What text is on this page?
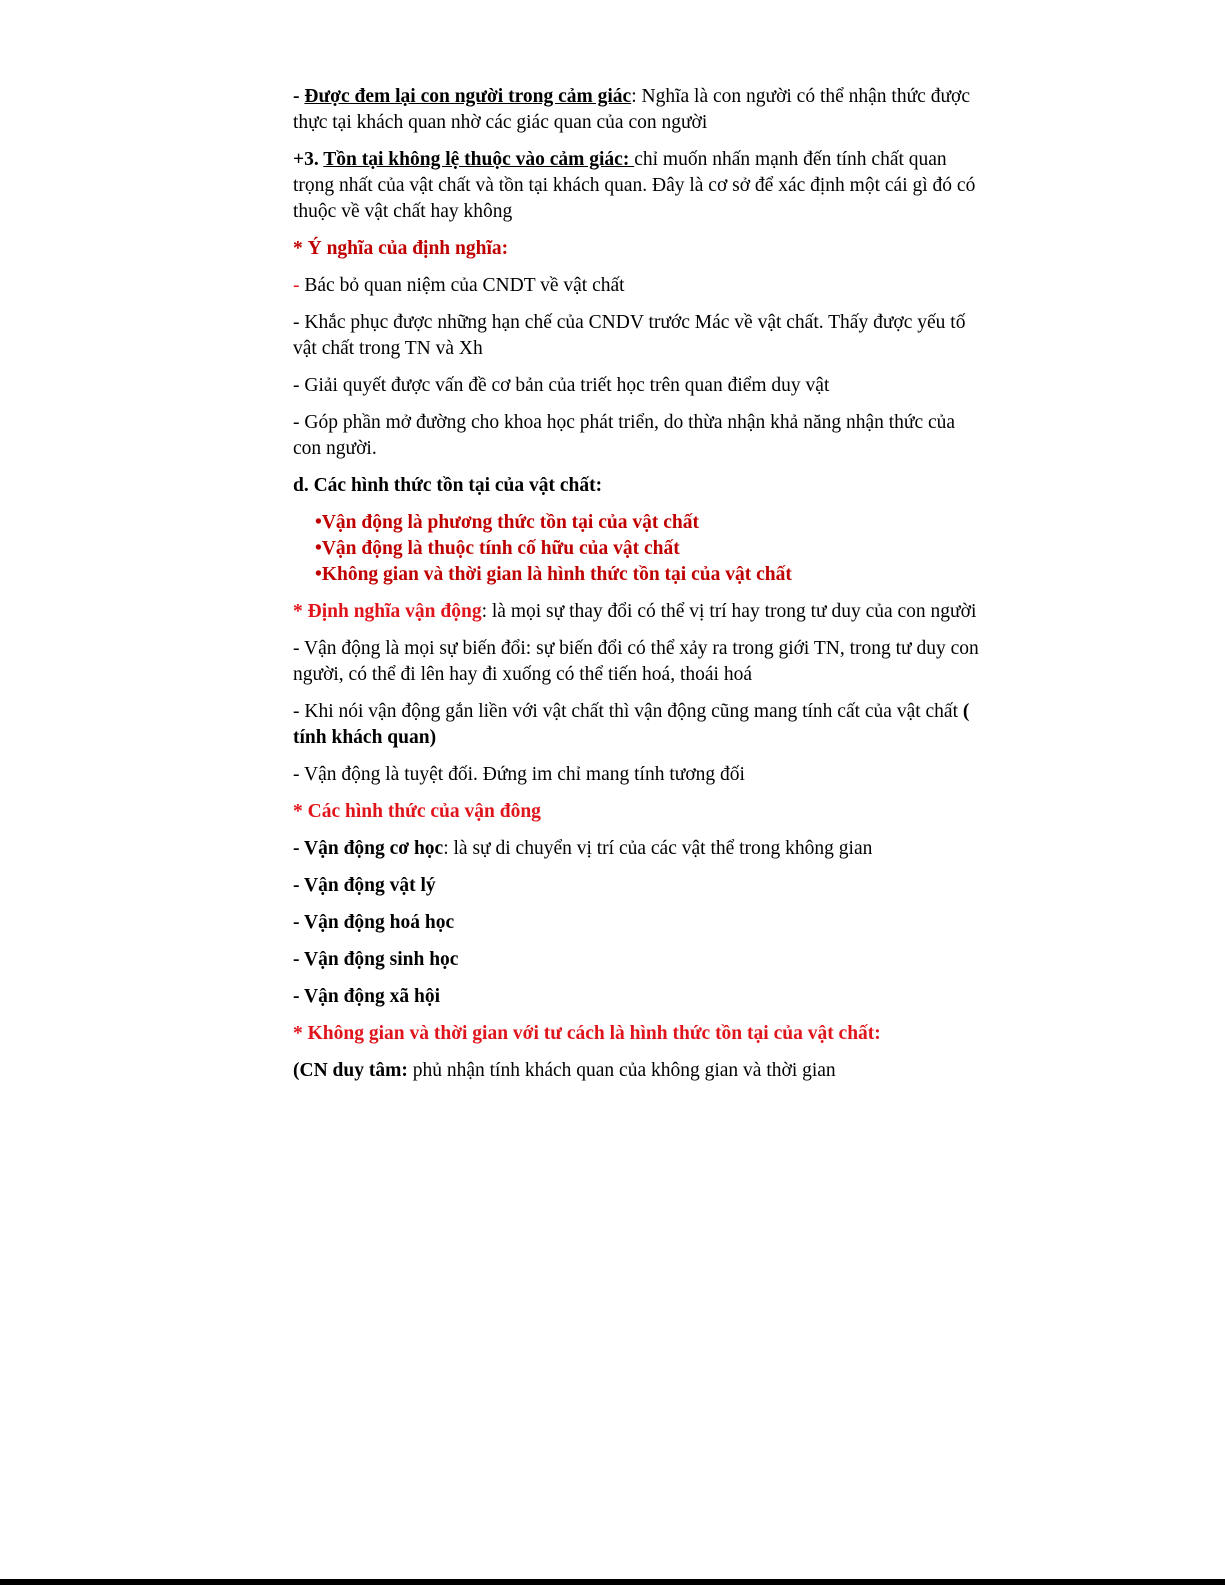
- Được đem lại con người trong cảm giác: Nghĩa là con người có thể nhận thức được thực tại khách quan nhờ các giác quan của con người

+3. Tồn tại không lệ thuộc vào cảm giác: chỉ muốn nhấn mạnh đến tính chất quan trọng nhất của vật chất và tồn tại khách quan. Đây là cơ sở để xác định một cái gì đó có thuộc về vật chất hay không

* Ý nghĩa của định nghĩa:

- Bác bỏ quan niệm của CNDT về vật chất

- Khắc phục được những hạn chế của CNDV trước Mác về vật chất. Thấy được yếu tố vật chất trong TN và Xh

- Giải quyết được vấn đề cơ bản của triết học trên quan điểm duy vật

- Góp phần mở đường cho khoa học phát triển, do thừa nhận khả năng nhận thức của con người.

d. Các hình thức tồn tại của vật chất:

•Vận động là phương thức tồn tại của vật chất
•Vận động là thuộc tính cố hữu của vật chất
•Không gian và thời gian là hình thức tồn tại của vật chất

* Định nghĩa vận động: là mọi sự thay đổi có thể vị trí hay trong tư duy của con người

- Vận động là mọi sự biến đổi: sự biến đổi có thể xảy ra trong giới TN, trong tư duy con người, có thể đi lên hay đi xuống có thể tiến hoá, thoái hoá

- Khi nói vận động gắn liền với vật chất thì vận động cũng mang tính cất của vật chất ( tính khách quan)

- Vận động là tuyệt đối. Đứng im chỉ mang tính tương đối

* Các hình thức của vận đông

- Vận động cơ học: là sự di chuyển vị trí của các vật thể trong không gian

- Vận động vật lý

- Vận động hoá học

- Vận động sinh học

- Vận động xã hội

* Không gian và thời gian với tư cách là hình thức tồn tại của vật chất:

(CN duy tâm: phủ nhận tính khách quan của không gian và thời gian
